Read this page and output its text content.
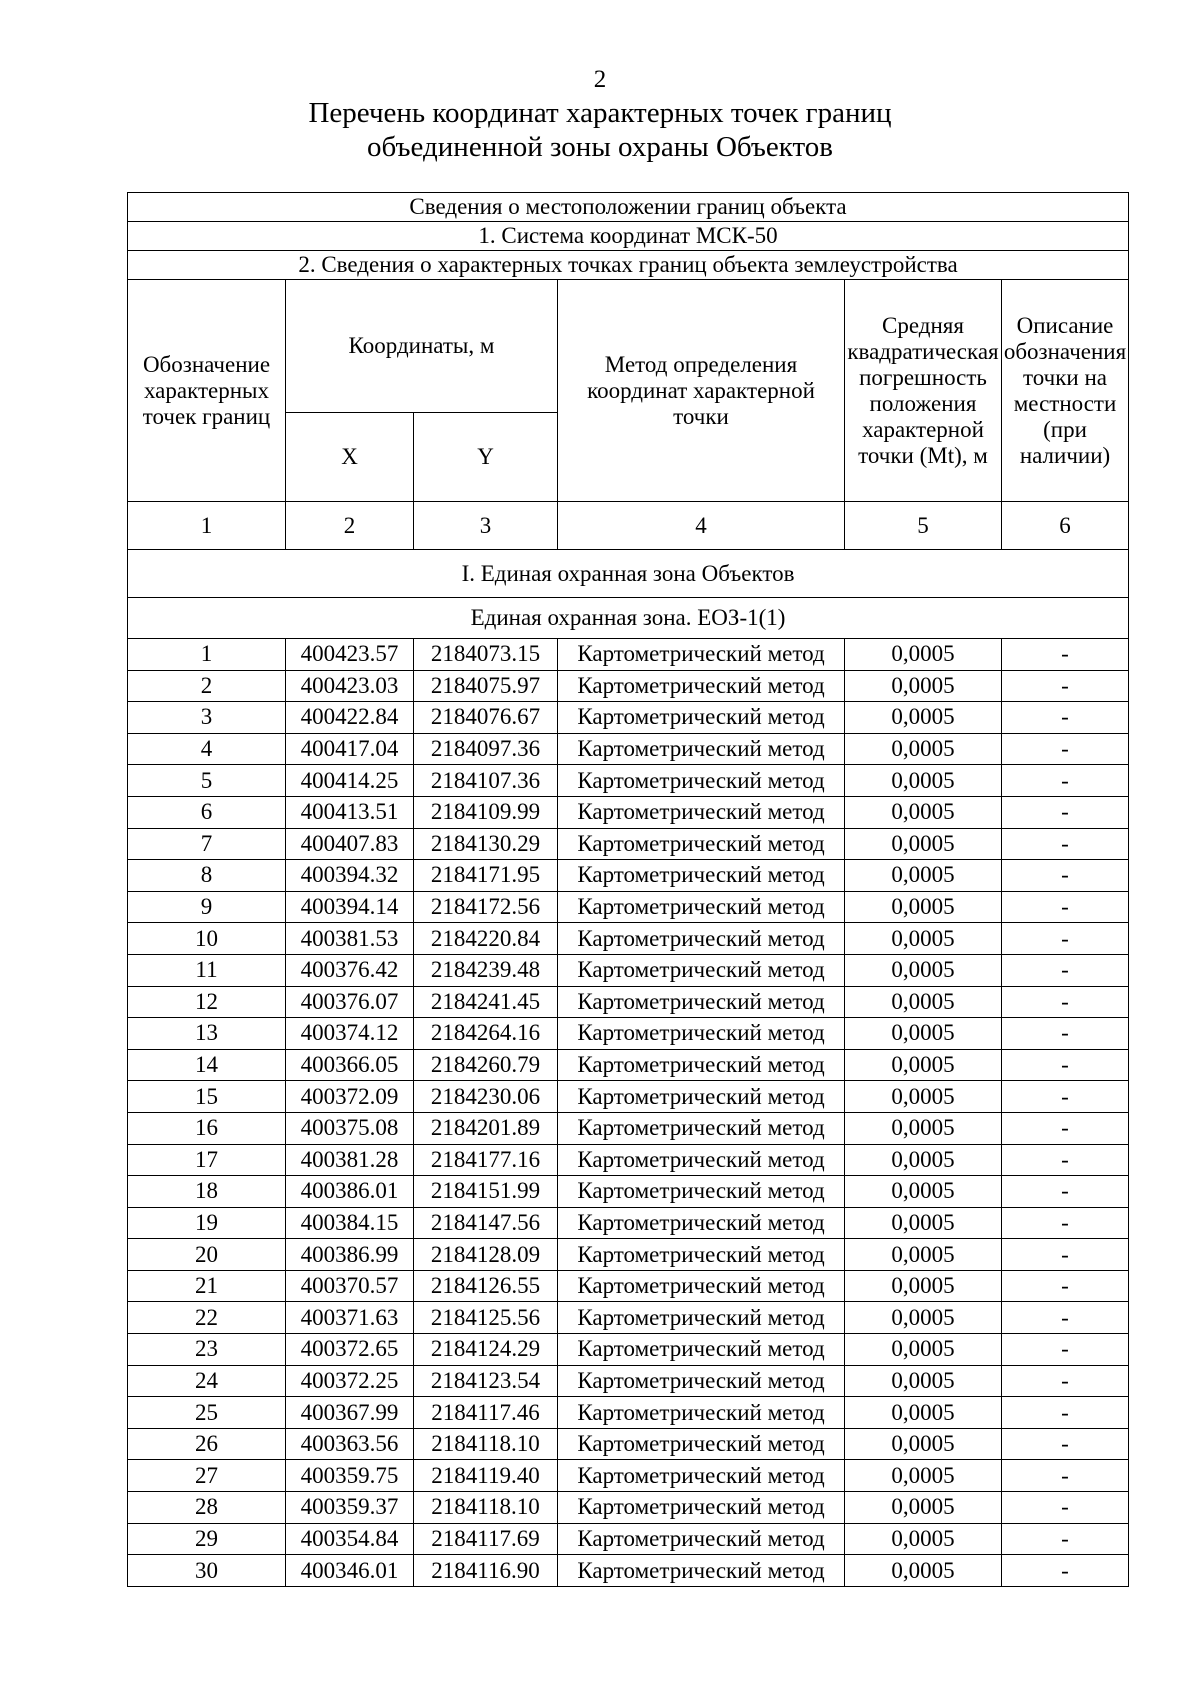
2
Перечень координат характерных точек границ
объединенной зоны охраны Объектов
Сведения о местоположении границ объекта					
1. Система координат МСК-50					
2. Сведения о характерных точках границ объекта землеустройства					
Обозначение характерных точек границ	Координаты, м		Метод определения координат характерной точки	Средняя квадратическая погрешность положения характерной точки (Mt), м	Описание обозначения точки на местности (при наличии)
	X	Y			
1	2	3	4	5	6
I. Единая охранная зона Объектов					
Единая охранная зона. ЕОЗ-1(1)					
1	400423.57	2184073.15	Картометрический метод	0,0005	-
2	400423.03	2184075.97	Картометрический метод	0,0005	-
3	400422.84	2184076.67	Картометрический метод	0,0005	-
4	400417.04	2184097.36	Картометрический метод	0,0005	-
5	400414.25	2184107.36	Картометрический метод	0,0005	-
6	400413.51	2184109.99	Картометрический метод	0,0005	-
7	400407.83	2184130.29	Картометрический метод	0,0005	-
8	400394.32	2184171.95	Картометрический метод	0,0005	-
9	400394.14	2184172.56	Картометрический метод	0,0005	-
10	400381.53	2184220.84	Картометрический метод	0,0005	-
11	400376.42	2184239.48	Картометрический метод	0,0005	-
12	400376.07	2184241.45	Картометрический метод	0,0005	-
13	400374.12	2184264.16	Картометрический метод	0,0005	-
14	400366.05	2184260.79	Картометрический метод	0,0005	-
15	400372.09	2184230.06	Картометрический метод	0,0005	-
16	400375.08	2184201.89	Картометрический метод	0,0005	-
17	400381.28	2184177.16	Картометрический метод	0,0005	-
18	400386.01	2184151.99	Картометрический метод	0,0005	-
19	400384.15	2184147.56	Картометрический метод	0,0005	-
20	400386.99	2184128.09	Картометрический метод	0,0005	-
21	400370.57	2184126.55	Картометрический метод	0,0005	-
22	400371.63	2184125.56	Картометрический метод	0,0005	-
23	400372.65	2184124.29	Картометрический метод	0,0005	-
24	400372.25	2184123.54	Картометрический метод	0,0005	-
25	400367.99	2184117.46	Картометрический метод	0,0005	-
26	400363.56	2184118.10	Картометрический метод	0,0005	-
27	400359.75	2184119.40	Картометрический метод	0,0005	-
28	400359.37	2184118.10	Картометрический метод	0,0005	-
29	400354.84	2184117.69	Картометрический метод	0,0005	-
30	400346.01	2184116.90	Картометрический метод	0,0005	-
